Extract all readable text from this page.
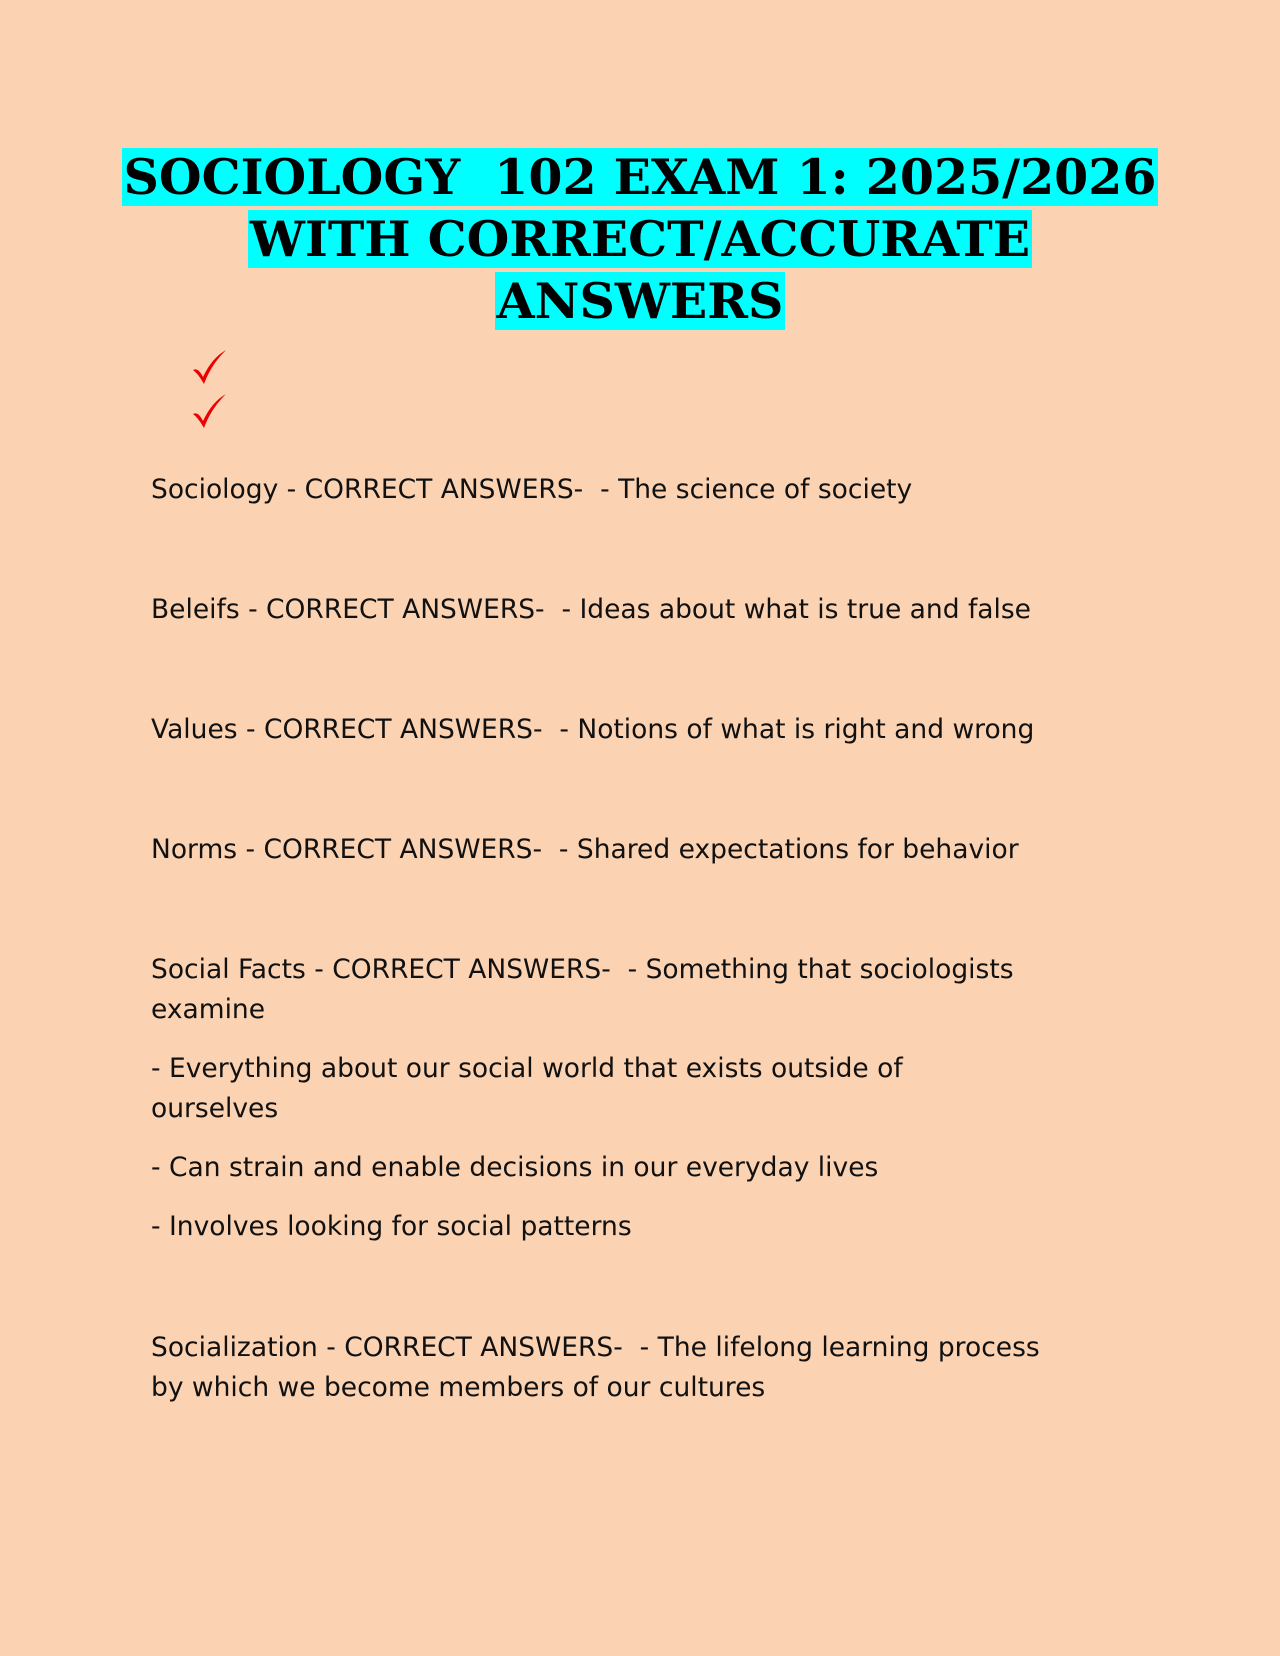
SOCIOLOGY  102 EXAM 1: 2025/2026
WITH CORRECT/ACCURATE
ANSWERS
Sociology - CORRECT ANSWERS-  - The science of society
Beleifs - CORRECT ANSWERS-  - Ideas about what is true and false
Values - CORRECT ANSWERS-  - Notions of what is right and wrong
Norms - CORRECT ANSWERS-  - Shared expectations for behavior
Social Facts - CORRECT ANSWERS-  - Something that sociologists examine
- Everything about our social world that exists outside of ourselves
- Can strain and enable decisions in our everyday lives
- Involves looking for social patterns
Socialization - CORRECT ANSWERS-  - The lifelong learning process by which we become members of our cultures
